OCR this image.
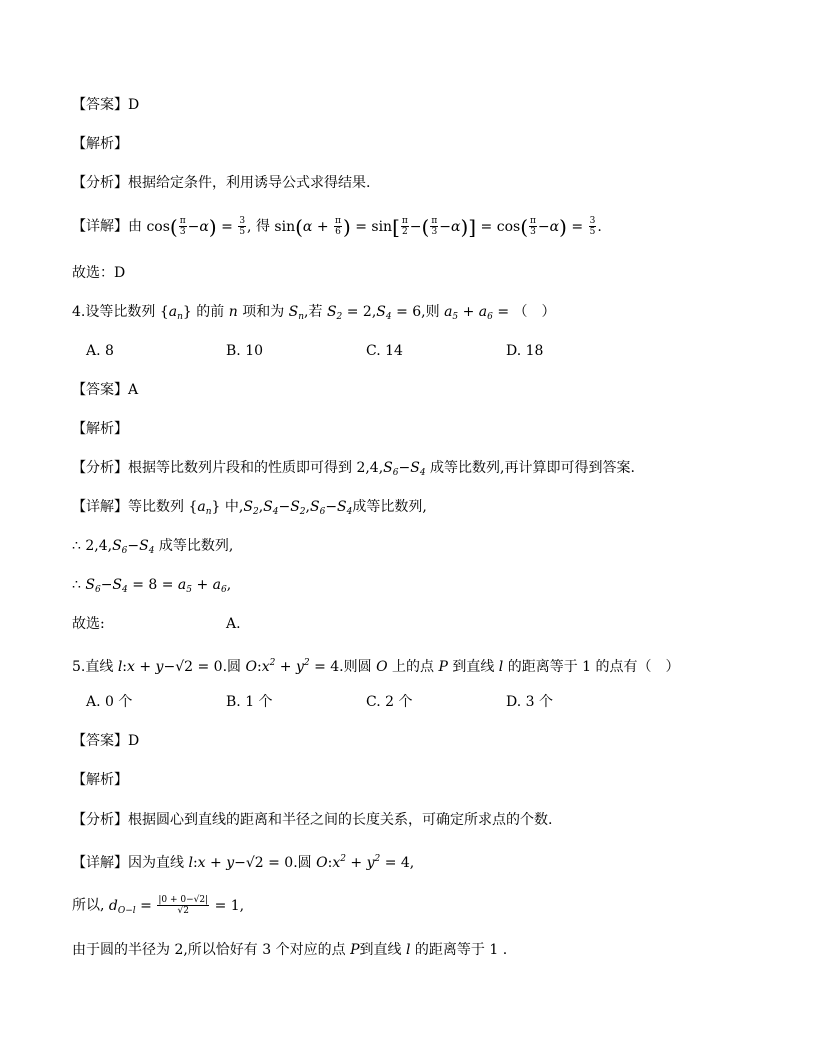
【答案】D
【解析】
【分析】根据给定条件，利用诱导公式求得结果.
【详解】由 $\cos( \frac{\pi}{3} -\alpha) = \frac{3}{5}$ , 得 $\sin(\alpha + \frac{\pi}{6}$ ) = $\sin[ \frac{\pi}{2}$ −( $\frac{\pi}{3} -\alpha)] = \cos( \frac{\pi}{3} -\alpha) = \frac{3}{5}$ .
故选：D
4.设等比数列 $\{a_n\}$ 的前 n 项和为 $S_n$,若 $S_2 = 2,S_4 = 6$,则 $a_5 + a_6$ = （　）
A. 8	B. 10	C. 14	D. 18
【答案】A
【解析】
【分析】根据等比数列片段和的性质即可得到 $2,4,S_6-S_4$ 成等比数列,再计算即可得到答案.
【详解】等比数列 $\{a_n\}$ 中$,S_2,S_4-S_2,S_6-S_4$成等比数列,
∴ $2,4,S_6-S_4$ 成等比数列,
∴ $S_6-S_4 = 8 = a_5 + a_6$,
故选:	A.
5.直线 l:x + y−√2 = 0.圆 $O:x^2 + y^2 = 4$.则圆 O 上的点 P 到直线 l 的距离等于 1 的点有（　）
A. 0 个	B. 1 个	C. 2 个	D. 3 个
【答案】D
【解析】
【分析】根据圆心到直线的距离和半径之间的长度关系，可确定所求点的个数.
【详解】因为直线 l:x + y−√2 = 0.圆 $O:x^2 + y^2 = 4$,
所以, $d_{O-l} = \frac{|0 + 0-√2|}{√2} = 1$,
由于圆的半径为 2,所以恰好有 3 个对应的点 P到直线 l 的距离等于 1 .
